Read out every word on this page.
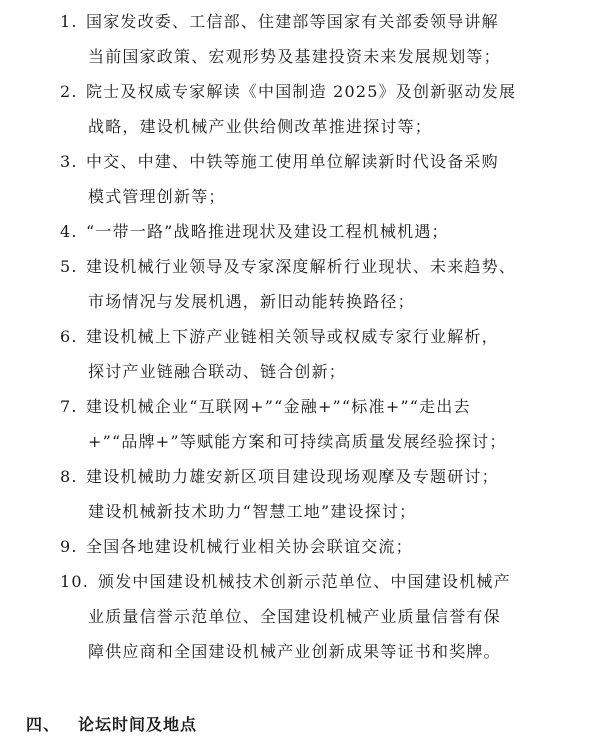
1. 国家发改委、工信部、住建部等国家有关部委领导讲解
当前国家政策、宏观形势及基建投资未来发展规划等；
2. 院士及权威专家解读《中国制造 2025》及创新驱动发展
战略，建设机械产业供给侧改革推进探讨等；
3. 中交、中建、中铁等施工使用单位解读新时代设备采购
模式管理创新等；
4. “一带一路”战略推进现状及建设工程机械机遇；
5. 建设机械行业领导及专家深度解析行业现状、未来趋势、
市场情况与发展机遇，新旧动能转换路径；
6. 建设机械上下游产业链相关领导或权威专家行业解析，
探讨产业链融合联动、链合创新；
7. 建设机械企业“互联网+”“金融+”“标准+”“走出去
+”“品牌+”等赋能方案和可持续高质量发展经验探讨；
8. 建设机械助力雄安新区项目建设现场观摩及专题研讨；
建设机械新技术助力“智慧工地”建设探讨；
9. 全国各地建设机械行业相关协会联谊交流；
10. 颁发中国建设机械技术创新示范单位、中国建设机械产
业质量信誉示范单位、全国建设机械产业质量信誉有保
障供应商和全国建设机械产业创新成果等证书和奖牌。
四、 论坛时间及地点
